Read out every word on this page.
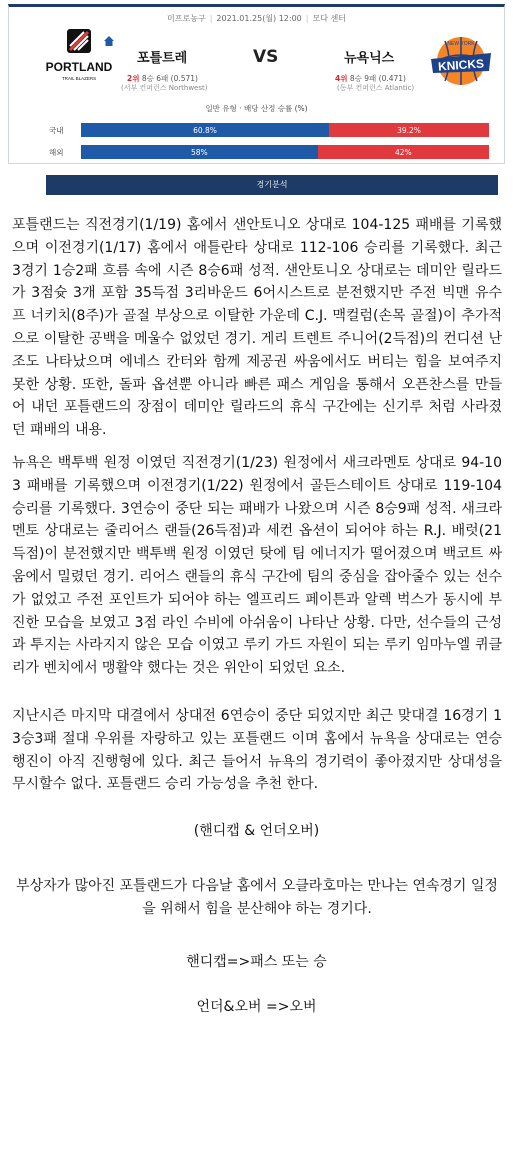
미프로농구 | 2021.01.25(월) 12:00 | 모다 센터
PORTLAND
TRAIL BLAZERS
KNICKS
NEW YORK
포틀트레	VS	뉴욕닉스
2위 8승 6패 (0.571)	4위 8승 9패 (0.471)
(서부 컨퍼런스 Northwest)	(동부 컨퍼런스 Atlantic)
일반 유형 · 배당 산정 승률 (%)
국내	60.8%	39.2%
해외	58%	42%
경기분석

포틀랜드는 직전경기(1/19) 홈에서 샌안토니오 상대로 104-125 패배를 기록했으며 이전경기(1/17) 홈에서 애틀란타 상대로 112-106 승리를 기록했다. 최근 3경기 1승2패 흐름 속에 시즌 8승6패 성적. 샌안토니오 상대로는 데미안 릴라드가 3점슛 3개 포함 35득점 3리바운드 6어시스트로 분전했지만 주전 빅맨 유수프 너키치(8주)가 골절 부상으로 이탈한 가운데 C.J. 맥컬럼(손목 골절)이 추가적으로 이탈한 공백을 메울수 없었던 경기. 게리 트렌트 주니어(2득점)의 컨디션 난조도 나타났으며 에네스 칸터와 함께 제공권 싸움에서도 버티는 힘을 보여주지 못한 상황. 또한, 돌파 옵션뿐 아니라 빠른 패스 게임을 통해서 오픈찬스를 만들어 내던 포틀랜드의 장점이 데미안 릴라드의 휴식 구간에는 신기루 처럼 사라졌던 패배의 내용.

뉴욕은 백투백 원정 이였던 직전경기(1/23) 원정에서 새크라멘토 상대로 94-103 패배를 기록했으며 이전경기(1/22) 원정에서 골든스테이트 상대로 119-104 승리를 기록했다. 3연승이 중단 되는 패배가 나왔으며 시즌 8승9패 성적. 새크라멘토 상대로는 줄리어스 랜들(26득점)과 세컨 옵션이 되어야 하는 R.J. 배럿(21득점)이 분전했지만 백투백 원정 이였던 탓에 팀 에너지가 떨어졌으며 백코트 싸움에서 밀렸던 경기. 리어스 랜들의 휴식 구간에 팀의 중심을 잡아줄수 있는 선수가 없었고 주전 포인트가 되어야 하는 엘프리드 페이튼과 알렉 벅스가 동시에 부진한 모습을 보였고 3점 라인 수비에 아쉬움이 나타난 상황. 다만, 선수들의 근성과 투지는 사라지지 않은 모습 이였고 루키 가드 자원이 되는 루키 임마누엘 퀴클리가 벤치에서 맹활약 했다는 것은 위안이 되었던 요소.

지난시즌 마지막 대결에서 상대전 6연승이 중단 되었지만 최근 맞대결 16경기 13승3패 절대 우위를 자랑하고 있는 포틀랜드 이며 홈에서 뉴욕을 상대로는 연승 행진이 아직 진행형에 있다. 최근 들어서 뉴욕의 경기력이 좋아졌지만 상대성을 무시할수 없다. 포틀랜드 승리 가능성을 추천 한다.

(핸디캡 & 언더오버)

부상자가 많아진 포틀랜드가 다음날 홈에서 오클라호마는 만나는 연속경기 일정을 위해서 힘을 분산해야 하는 경기다.

핸디캡=>패스 또는 승
언더&오버 =>오버
